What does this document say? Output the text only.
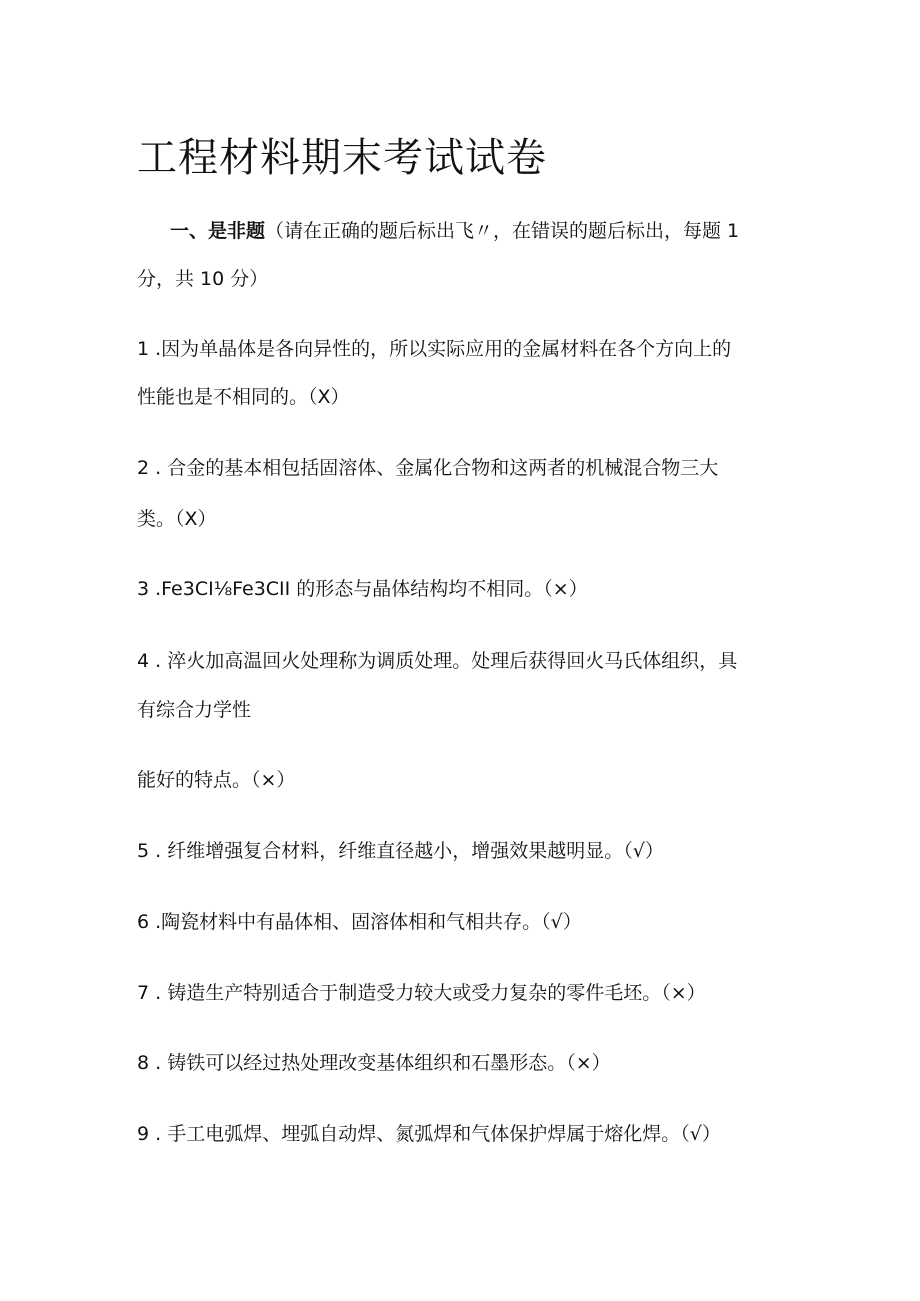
工程材料期末考试试卷

一、是非题（请在正确的题后标出飞〃，在错误的题后标出，每题 1

分，共 10 分）

1 .因为单晶体是各向异性的，所以实际应用的金属材料在各个方向上的

性能也是不相同的。（X）

2 . 合金的基本相包括固溶体、金属化合物和这两者的机械混合物三大

类。（X）

3 .Fe3CI⅛Fe3CII 的形态与晶体结构均不相同。（×）

4 . 淬火加高温回火处理称为调质处理。处理后获得回火马氏体组织，具

有综合力学性

能好的特点。（×）

5 . 纤维增强复合材料，纤维直径越小，增强效果越明显。（√）

6 .陶瓷材料中有晶体相、固溶体相和气相共存。（√）

7 . 铸造生产特别适合于制造受力较大或受力复杂的零件毛坯。（×）

8 . 铸铁可以经过热处理改变基体组织和石墨形态。（×）

9 . 手工电弧焊、埋弧自动焊、氮弧焊和气体保护焊属于熔化焊。（√）
